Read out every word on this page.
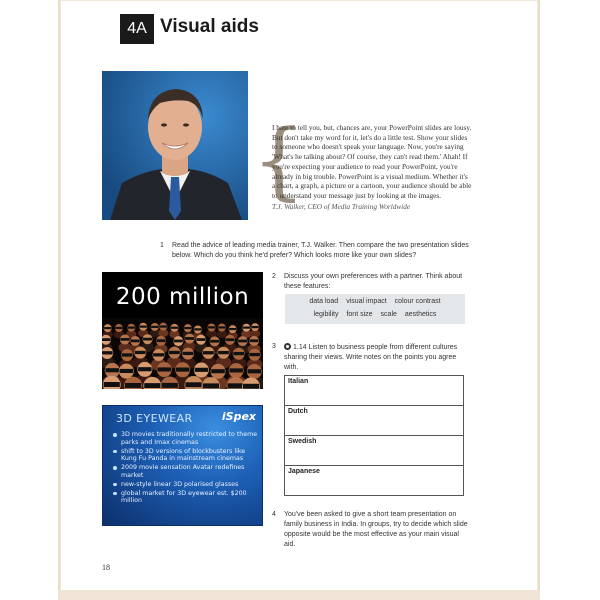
4A Visual aids
{
I hate to tell you, but, chances are, your PowerPoint slides are lousy. But don't take my word for it, let's do a little test. Show your slides to someone who doesn't speak your language. Now, you're saying 'What's he talking about? Of course, they can't read them.' Ahah! If you're expecting your audience to read your PowerPoint, you're already in big trouble. PowerPoint is a visual medium. Whether it's a chart, a graph, a picture or a cartoon, your audience should be able to understand your message just by looking at the images.
T.J. Walker, CEO of Media Training Worldwide
1 Read the advice of leading media trainer, T.J. Walker. Then compare the two presentation slides below. Which do you think he'd prefer? Which looks more like your own slides?
2 Discuss your own preferences with a partner. Think about these features:
data load visual impact colour contrast
legibility font size scale aesthetics
3 1.14 Listen to business people from different cultures sharing their views. Write notes on the points you agree with.
Italian
Dutch
Swedish
Japanese
4 You've been asked to give a short team presentation on family business in India. In groups, try to decide which slide opposite would be the most effective as your main visual aid.
200 million
3D EYEWEAR	iSpex
3D movies traditionally restricted to theme parks and Imax cinemas
shift to 3D versions of blockbusters like Kung Fu Panda in mainstream cinemas
2009 movie sensation Avatar redefines market
new-style linear 3D polarised glasses
global market for 3D eyewear est. $200 million
18
